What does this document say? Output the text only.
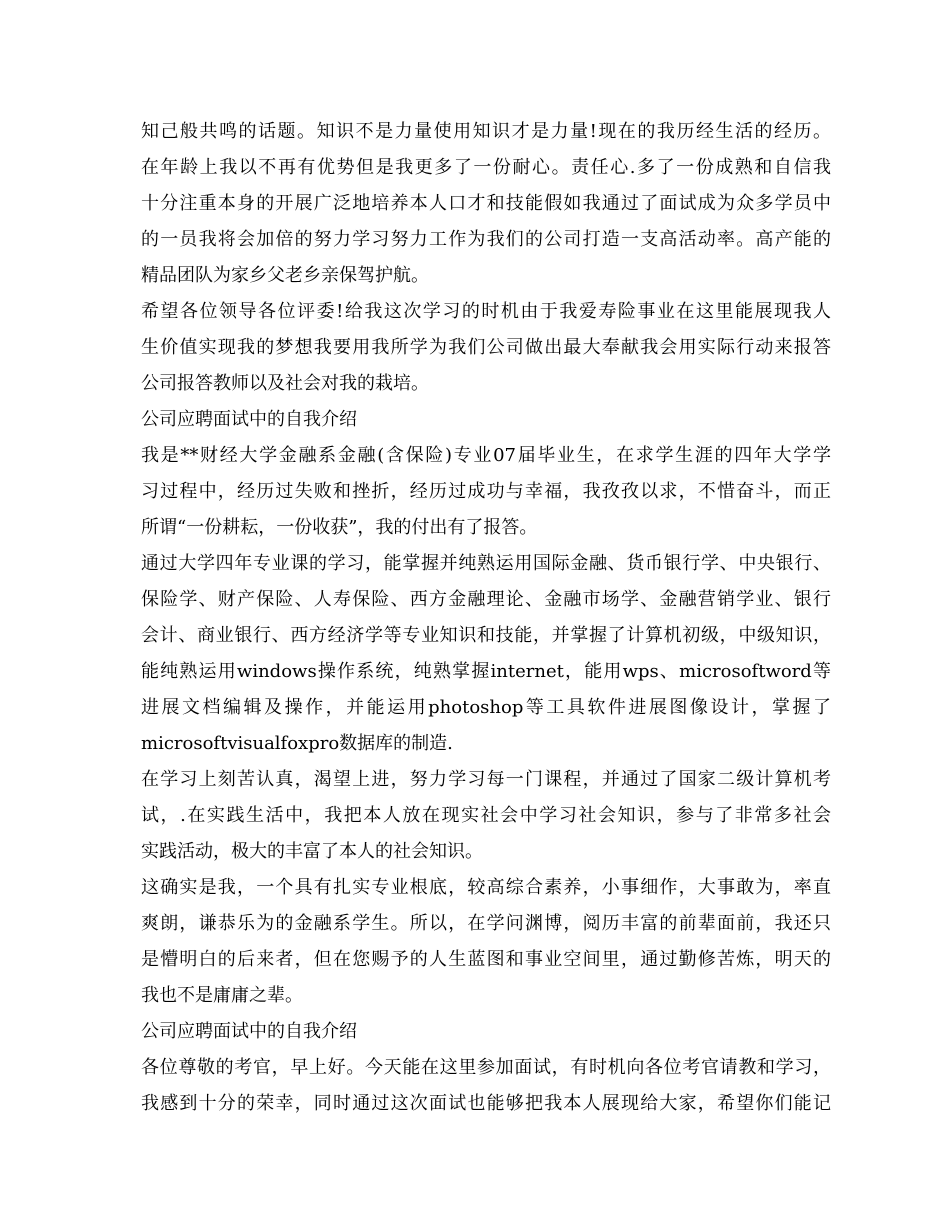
知己般共鸣的话题。知识不是力量使用知识才是力量!现在的我历经生活的经历。
在年龄上我以不再有优势但是我更多了一份耐心。责任心.多了一份成熟和自信我
十分注重本身的开展广泛地培养本人口才和技能假如我通过了面试成为众多学员中
的一员我将会加倍的努力学习努力工作为我们的公司打造一支高活动率。高产能的
精品团队为家乡父老乡亲保驾护航。
希望各位领导各位评委!给我这次学习的时机由于我爱寿险事业在这里能展现我人
生价值实现我的梦想我要用我所学为我们公司做出最大奉献我会用实际行动来报答
公司报答教师以及社会对我的栽培。
公司应聘面试中的自我介绍
我是**财经大学金融系金融(含保险)专业07届毕业生，在求学生涯的四年大学学
习过程中，经历过失败和挫折，经历过成功与幸福，我孜孜以求，不惜奋斗，而正
所谓“一份耕耘，一份收获”，我的付出有了报答。
通过大学四年专业课的学习，能掌握并纯熟运用国际金融、货币银行学、中央银行、
保险学、财产保险、人寿保险、西方金融理论、金融市场学、金融营销学业、银行
会计、商业银行、西方经济学等专业知识和技能，并掌握了计算机初级，中级知识，
能纯熟运用windows操作系统，纯熟掌握internet，能用wps、microsoftword等
进展文档编辑及操作，并能运用photoshop等工具软件进展图像设计，掌握了
microsoftvisualfoxpro数据库的制造.
在学习上刻苦认真，渴望上进，努力学习每一门课程，并通过了国家二级计算机考
试，.在实践生活中，我把本人放在现实社会中学习社会知识，参与了非常多社会
实践活动，极大的丰富了本人的社会知识。
这确实是我，一个具有扎实专业根底，较高综合素养，小事细作，大事敢为，率直
爽朗，谦恭乐为的金融系学生。所以，在学问渊博，阅历丰富的前辈面前，我还只
是懵明白的后来者，但在您赐予的人生蓝图和事业空间里，通过勤修苦炼，明天的
我也不是庸庸之辈。
公司应聘面试中的自我介绍
各位尊敬的考官，早上好。今天能在这里参加面试，有时机向各位考官请教和学习，
我感到十分的荣幸，同时通过这次面试也能够把我本人展现给大家，希望你们能记
